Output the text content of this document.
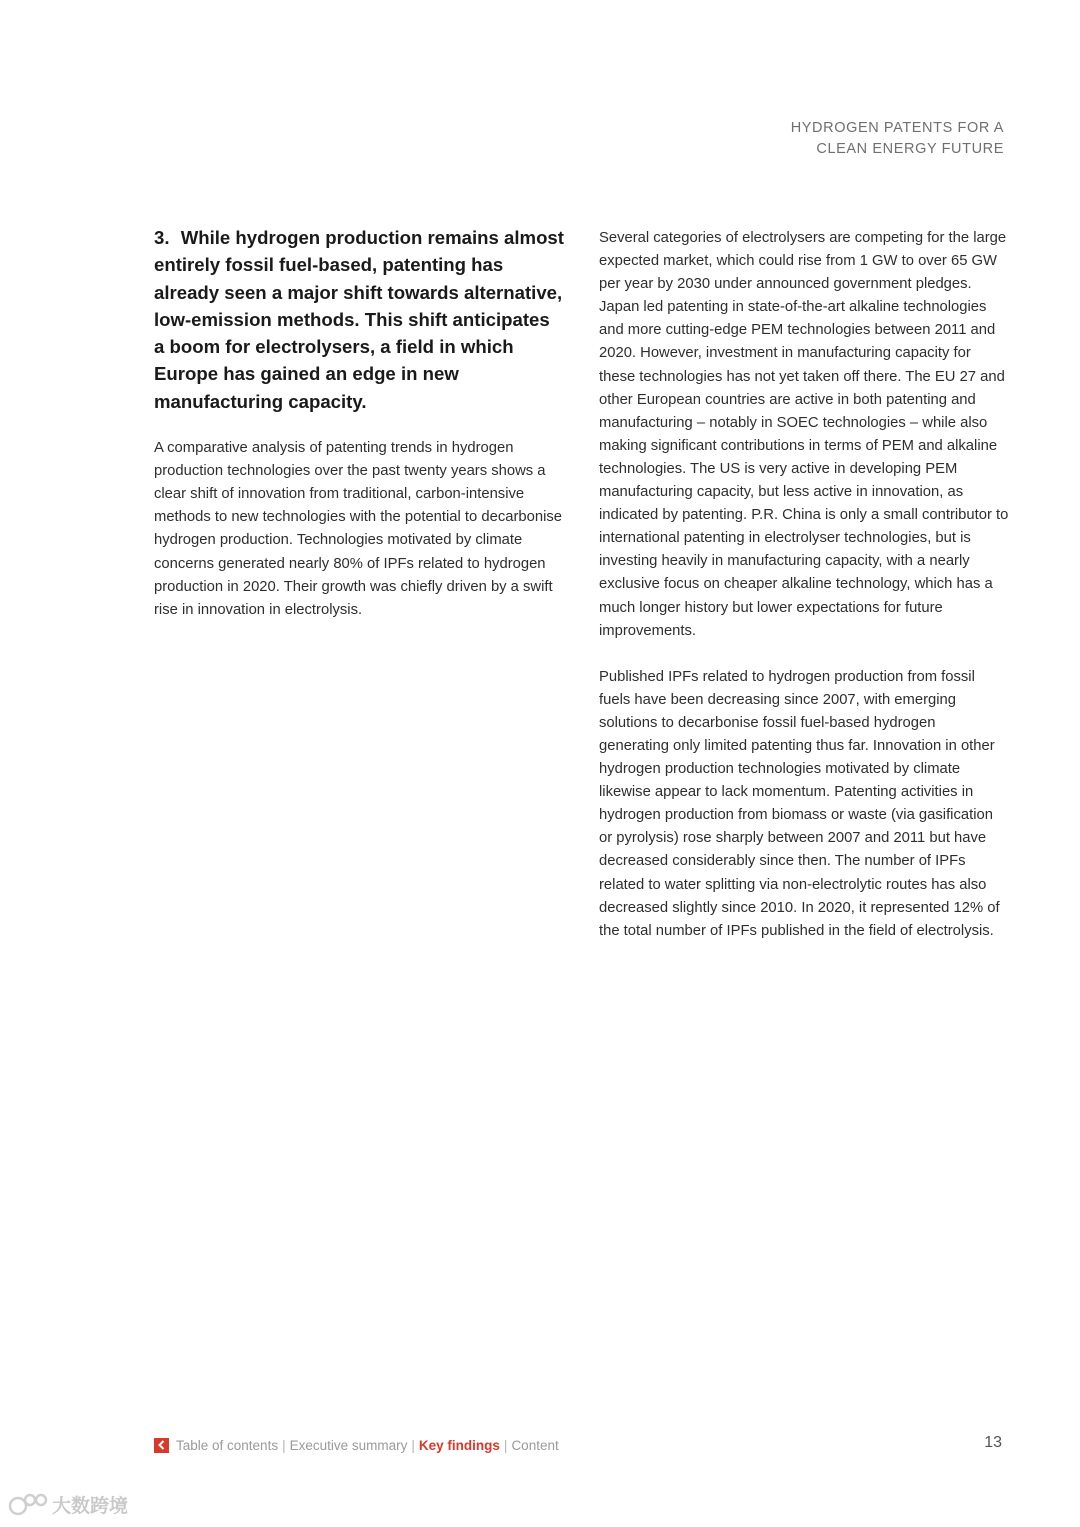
HYDROGEN PATENTS FOR A
CLEAN ENERGY FUTURE

3. While hydrogen production remains almost entirely fossil fuel-based, patenting has already seen a major shift towards alternative, low-emission methods. This shift anticipates a boom for electrolysers, a field in which Europe has gained an edge in new manufacturing capacity.

A comparative analysis of patenting trends in hydrogen production technologies over the past twenty years shows a clear shift of innovation from traditional, carbon-intensive methods to new technologies with the potential to decarbonise hydrogen production. Technologies motivated by climate concerns generated nearly 80% of IPFs related to hydrogen production in 2020. Their growth was chiefly driven by a swift rise in innovation in electrolysis.

Several categories of electrolysers are competing for the large expected market, which could rise from 1 GW to over 65 GW per year by 2030 under announced government pledges. Japan led patenting in state-of-the-art alkaline technologies and more cutting-edge PEM technologies between 2011 and 2020. However, investment in manufacturing capacity for these technologies has not yet taken off there. The EU 27 and other European countries are active in both patenting and manufacturing – notably in SOEC technologies – while also making significant contributions in terms of PEM and alkaline technologies. The US is very active in developing PEM manufacturing capacity, but less active in innovation, as indicated by patenting. P.R. China is only a small contributor to international patenting in electrolyser technologies, but is investing heavily in manufacturing capacity, with a nearly exclusive focus on cheaper alkaline technology, which has a much longer history but lower expectations for future improvements.

Published IPFs related to hydrogen production from fossil fuels have been decreasing since 2007, with emerging solutions to decarbonise fossil fuel-based hydrogen generating only limited patenting thus far. Innovation in other hydrogen production technologies motivated by climate likewise appear to lack momentum. Patenting activities in hydrogen production from biomass or waste (via gasification or pyrolysis) rose sharply between 2007 and 2011 but have decreased considerably since then. The number of IPFs related to water splitting via non-electrolytic routes has also decreased slightly since 2010. In 2020, it represented 12% of the total number of IPFs published in the field of electrolysis.

Table of contents | Executive summary | Key findings | Content	13
大数跨境
